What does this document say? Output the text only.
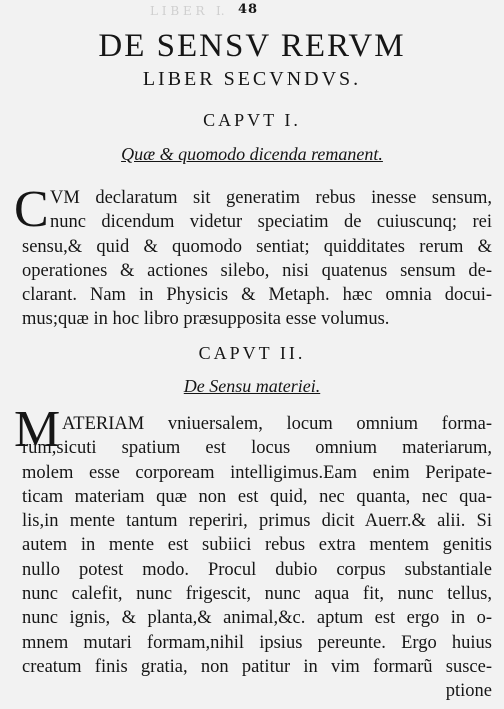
L I B E R   I. 48
DE SENSV RERVM
LIBER SECVNDVS.
CAPVT I.
Quæ & quomodo dicenda remanent.
C VM declaratum sit generatim rebus inesse sensum,
nunc dicendum videtur speciatim de cuiuscunq; rei
sensu,& quid & quomodo sentiat; quidditates rerum &
operationes & actiones silebo, nisi quatenus sensum de-
clarant. Nam in Physicis & Metaph. hæc omnia docui-
mus;quæ in hoc libro præsupposita esse volumus.
CAPVT II.
De Sensu materiei.
M ATERIAM vniuersalem, locum omnium forma-
rum,sicuti spatium est locus omnium materiarum,
molem esse corpoream intelligimus.Eam enim Peripate-
ticam materiam quæ non est quid, nec quanta, nec qua-
lis,in mente tantum reperiri, primus dicit Auerr.& alii. Si
autem in mente est subiici rebus extra mentem genitis
nullo potest modo. Procul dubio corpus substantiale
nunc calefit, nunc frigescit, nunc aqua fit, nunc tellus,
nunc ignis, & planta,& animal,&c. aptum est ergo in o-
mnem mutari formam,nihil ipsius pereunte. Ergo huius
creatum finis gratia, non patitur in vim formarũ susce-
ptione
